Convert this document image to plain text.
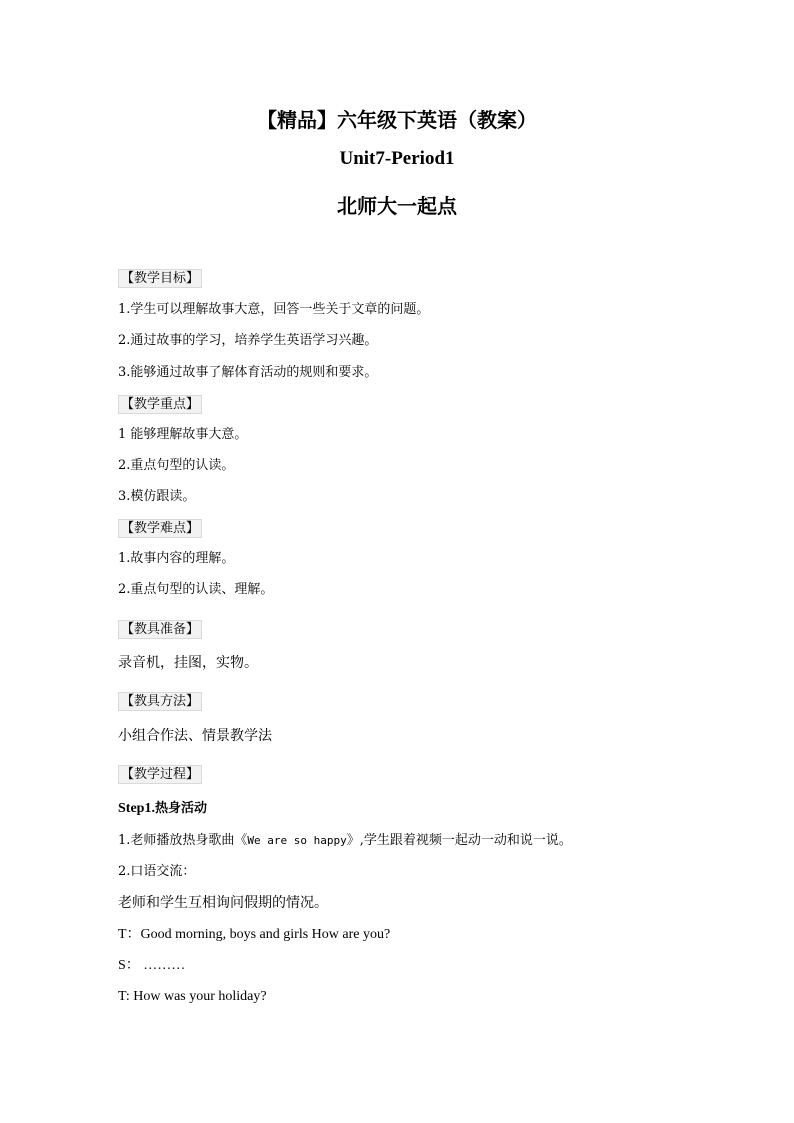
【精品】六年级下英语（教案）
Unit7-Period1
北师大一起点
【教学目标】
1.学生可以理解故事大意，回答一些关于文章的问题。
2.通过故事的学习，培养学生英语学习兴趣。
3.能够通过故事了解体育活动的规则和要求。
【教学重点】
1 能够理解故事大意。
2.重点句型的认读。
3.模仿跟读。
【教学难点】
1.故事内容的理解。
2.重点句型的认读、理解。
【教具准备】
录音机，挂图，实物。
【教具方法】
小组合作法、情景教学法
【教学过程】
Step1.热身活动
1.老师播放热身歌曲《We are so happy》,学生跟着视频一起动一动和说一说。
2.口语交流：
老师和学生互相询问假期的情况。
T：Good morning, boys and girls How are you?
S： ………
T: How was your holiday?
